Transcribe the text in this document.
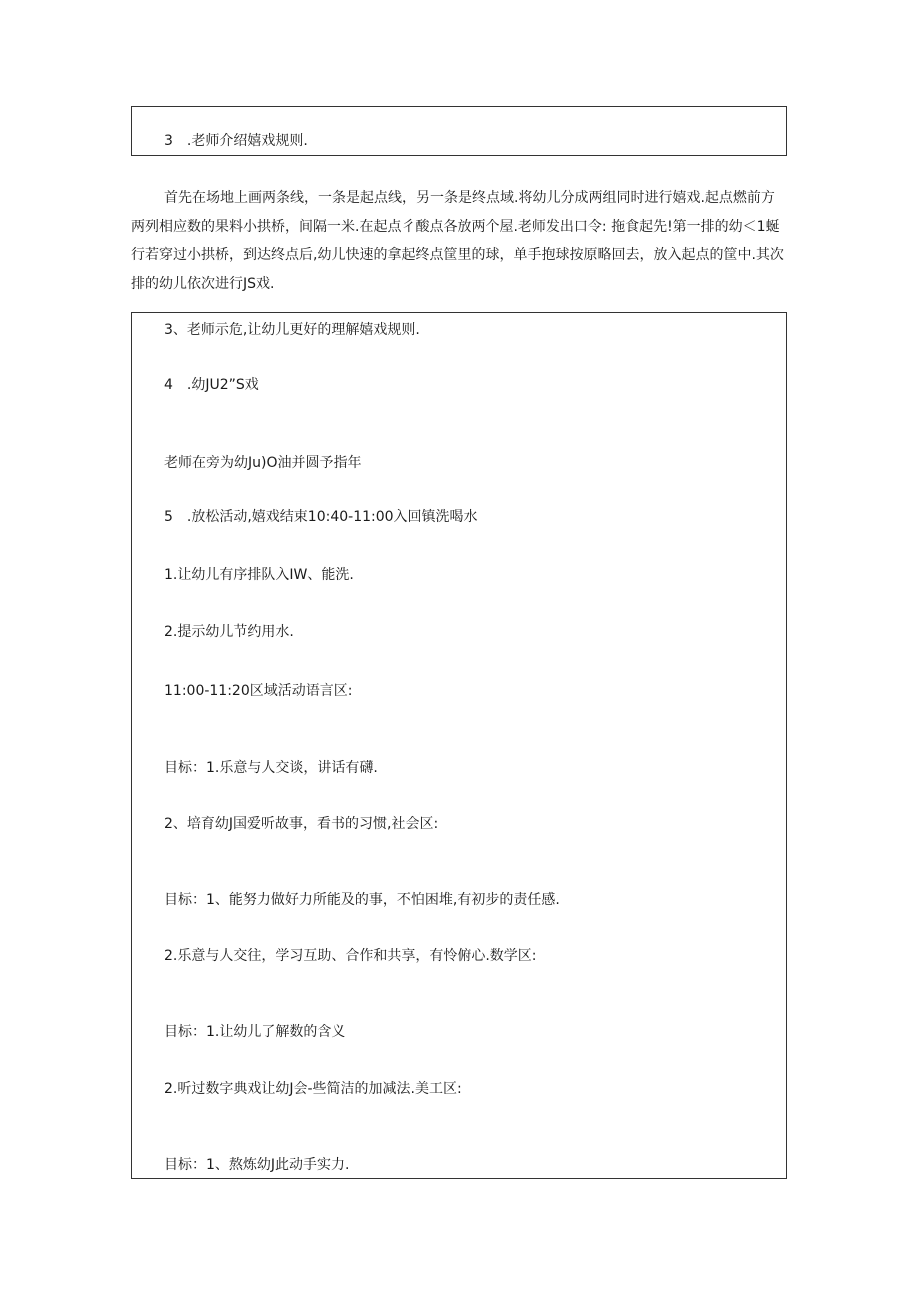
3　.老师介绍嬉戏规则.

首先在场地上画两条线，一条是起点线，另一条是终点域.将幼儿分成两组同时进行嬉戏.起点燃前方两列相应数的果料小拱桥，间隔一米.在起点彳酸点各放两个屋.老师发出口令: 拖食起先!第一排的幼＜1蜒行若穿过小拱桥，到达终点后,幼儿快速的拿起终点筐里的球，单手抱球按原略回去，放入起点的筐中.其次排的幼儿依次进行JS戏.

3、老师示危,让幼儿更好的理解嬉戏规则.
4　.幼JU2”S戏
老师在旁为幼Ju)O油并圆予指年
5　.放松活动,嬉戏结束10:40-11:00入回镇洗喝水
1.让幼儿有序排队入IW、能洗.
2.提示幼儿节约用水.
11:00-11:20区域活动语言区:
目标：1.乐意与人交谈，讲话有礴.
2、培育幼J国爱听故事，看书的习惯,社会区:
目标：1、能努力做好力所能及的事，不怕困堆,有初步的责任感.
2.乐意与人交往，学习互助、合作和共享，有怜俯心.数学区:
目标：1.让幼儿了解数的含义
2.听过数字典戏让幼J会-些简洁的加减法.美工区:
目标：1、熬炼幼J此动手实力.
